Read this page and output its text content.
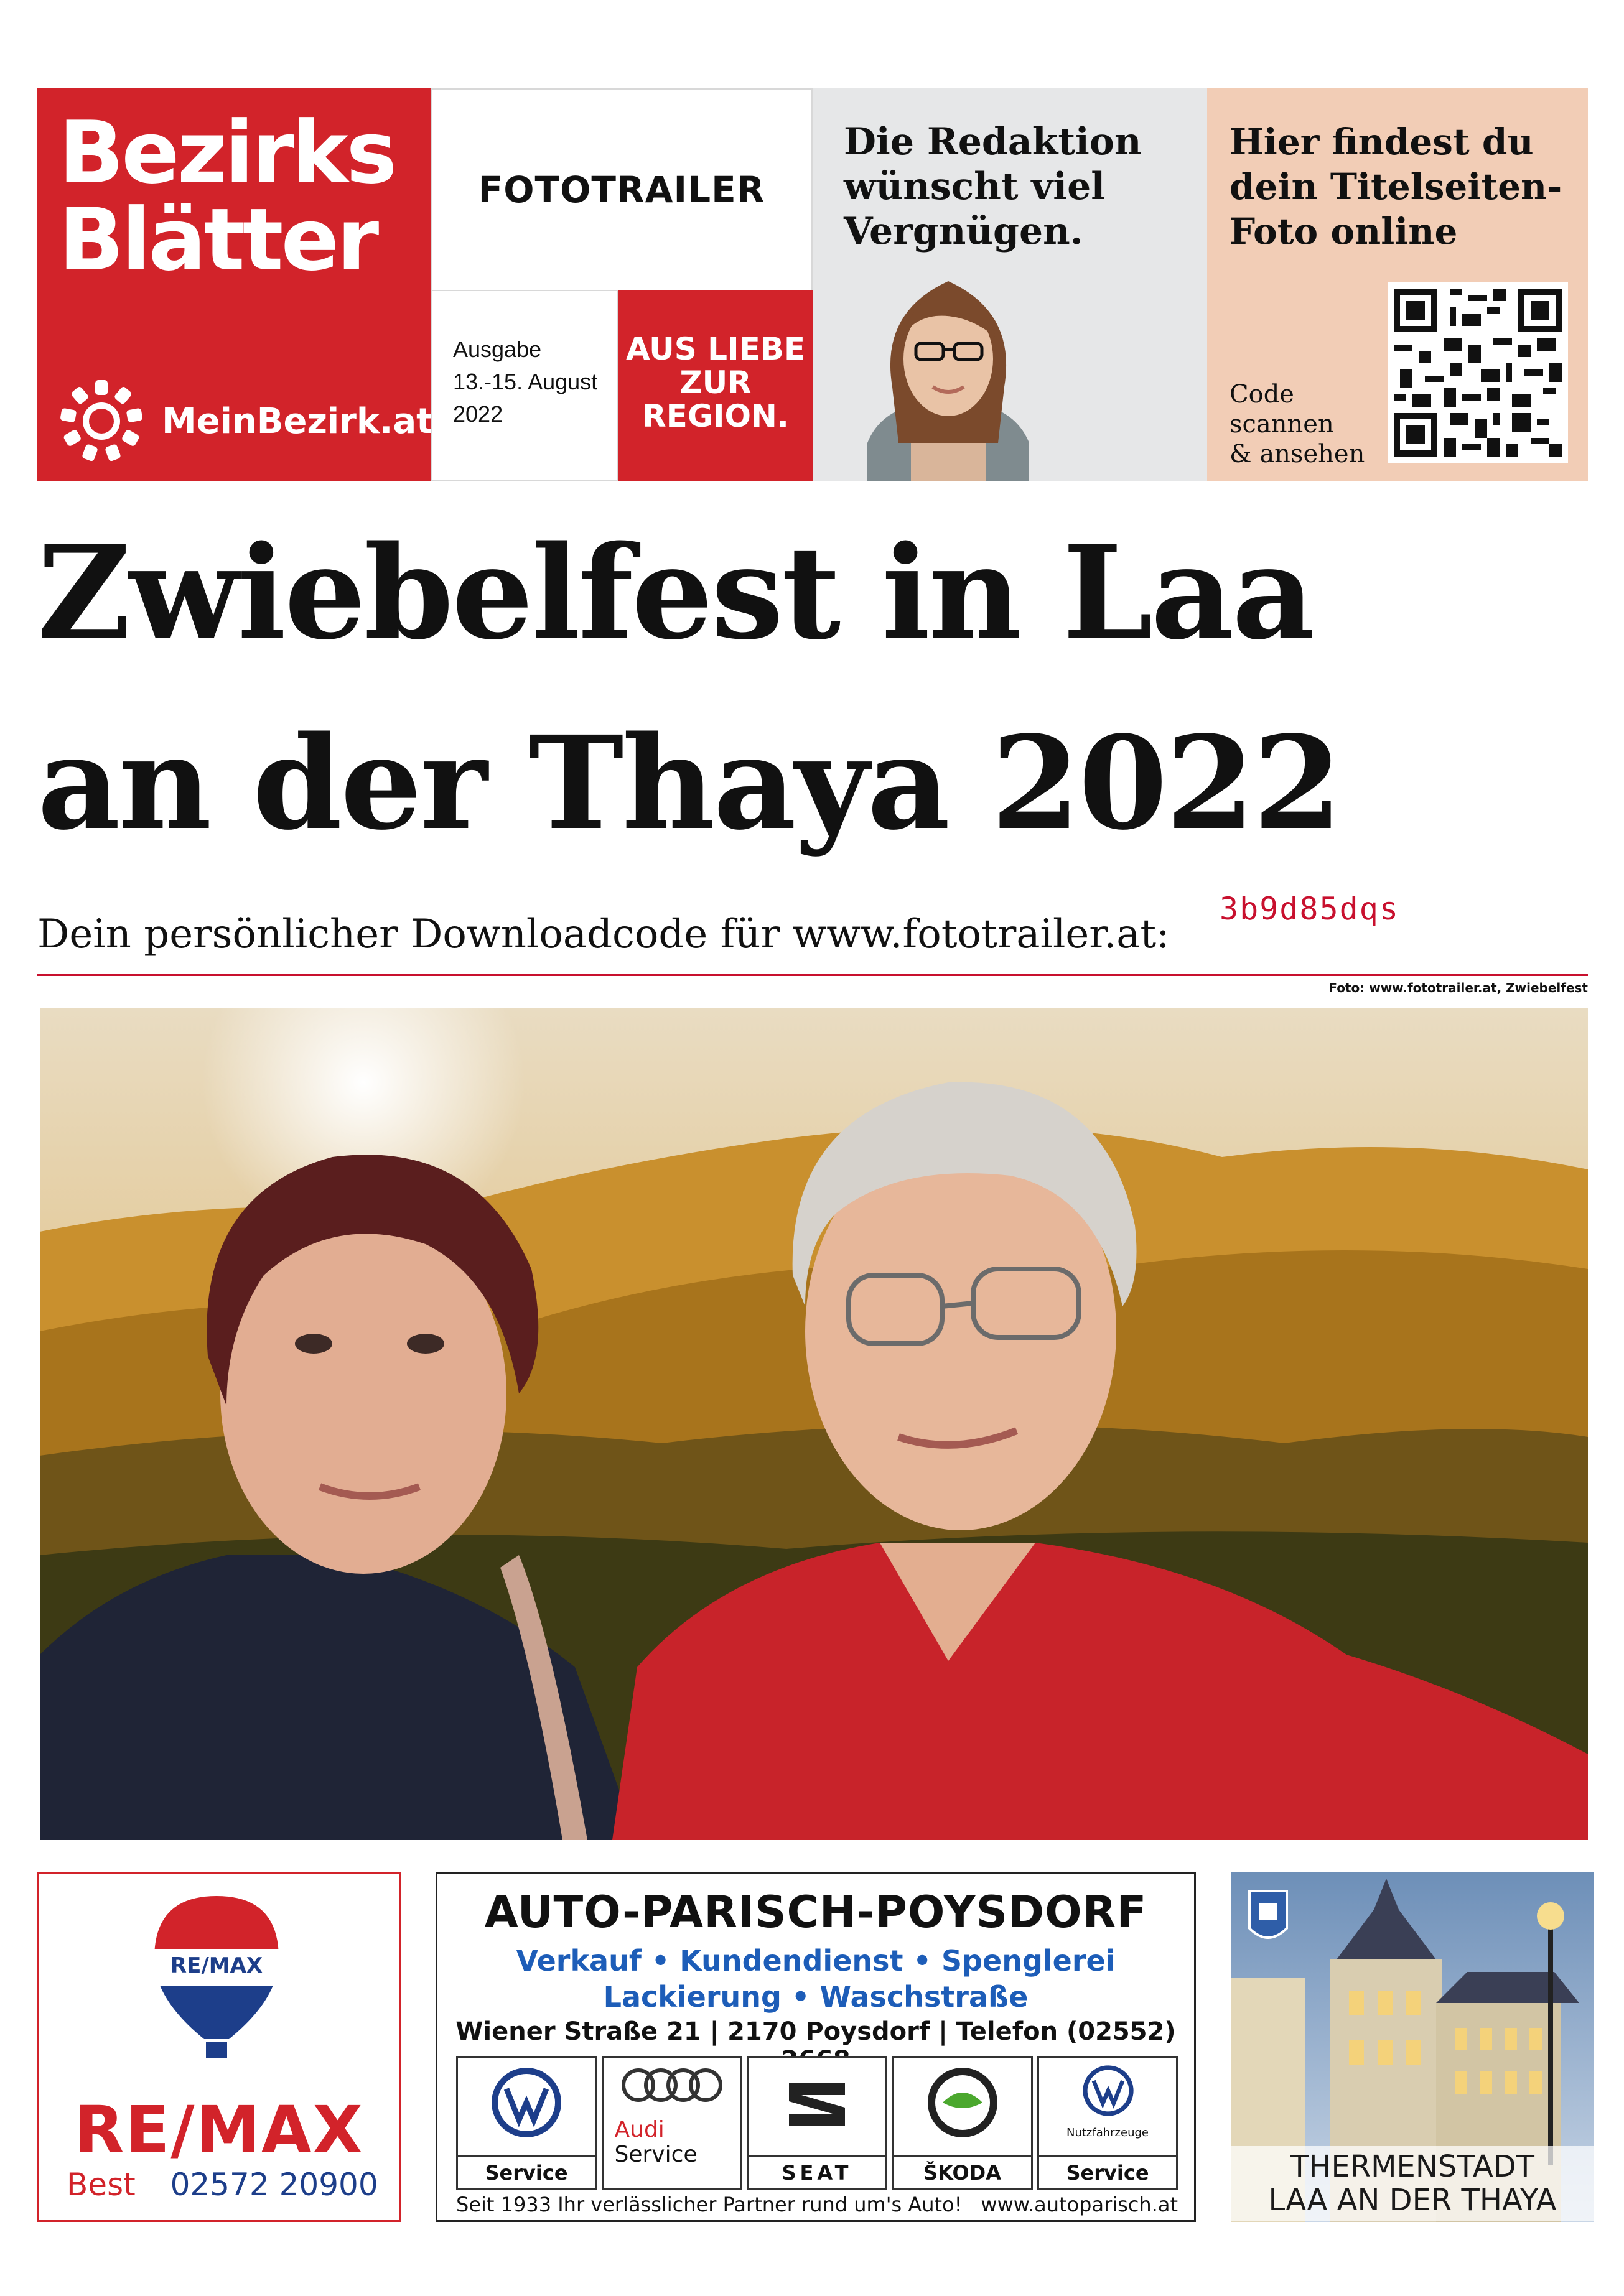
Bezirks
Blätter
MeinBezirk.at
FOTOTRAILER
Ausgabe
13.-15. August
2022
AUS LIEBE
ZUR
REGION.
Die Redaktion
wünscht viel
Vergnügen.
Hier findest du
dein Titelseiten-
Foto online
Code
scannen
& ansehen
Zwiebelfest in Laa
an der Thaya 2022
Dein persönlicher Downloadcode für www.fototrailer.at:
3b9d85dqs
Foto: www.fototrailer.at, Zwiebelfest
RE/MAX
RE/MAX
Best 02572 20900
AUTO-PARISCH-POYSDORF
Verkauf • Kundendienst • Spenglerei
Lackierung • Waschstraße
Wiener Straße 21 | 2170 Poysdorf | Telefon (02552)
Service
Audi
Service
SEAT	ŠKODA
Nutzfahrzeuge
Service
Seit 1933 Ihr verlässlicher Partner rund um's Auto! www.autoparisch.at
THERMENSTADT
LAA AN DER THAYA
